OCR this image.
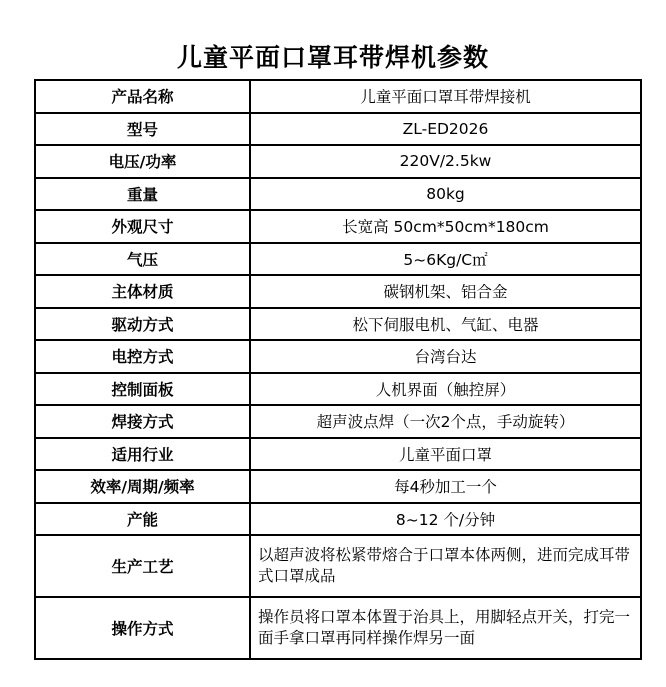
儿童平面口罩耳带焊机参数
产品名称	儿童平面口罩耳带焊接机
型号	ZL-ED2026
电压/功率	220V/2.5kw
重量	80kg
外观尺寸	长宽高 50cm*50cm*180cm
气压	5~6Kg/C㎡
主体材质	碳钢机架、铝合金
驱动方式	松下伺服电机、气缸、电器
电控方式	台湾台达
控制面板	人机界面（触控屏）
焊接方式	超声波点焊（一次2个点，手动旋转）
适用行业	儿童平面口罩
效率/周期/频率	每4秒加工一个
产能	8~12 个/分钟
生产工艺	以超声波将松紧带熔合于口罩本体两侧，进而完成耳带式口罩成品
操作方式	操作员将口罩本体置于治具上，用脚轻点开关，打完一面手拿口罩再同样操作焊另一面
